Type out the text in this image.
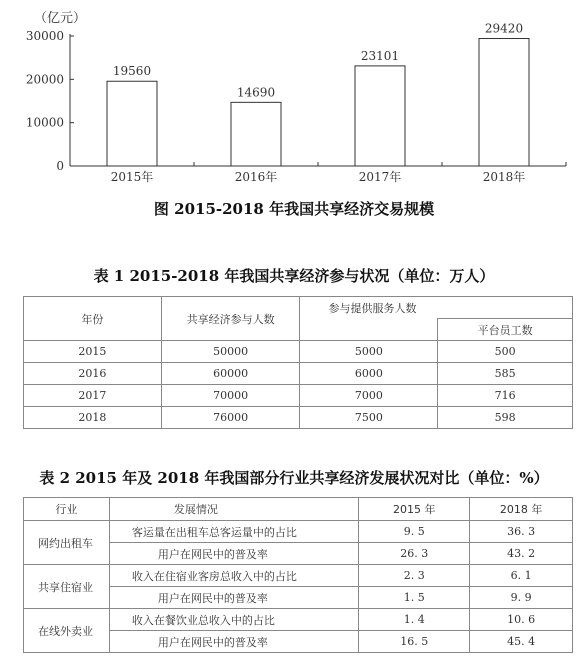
（亿元）
0
10000
20000
30000
19560
14690
23101
29420
2015年	2016年	2017年	2018年
图 2015-2018 年我国共享经济交易规模
表 1 2015-2018 年我国共享经济参与状况（单位：万人）
年份	共享经济参与人数	参与提供服务人数	
			平台员工数
2015	50000	5000	500
2016	60000	6000	585
2017	70000	7000	716
2018	76000	7500	598
表 2 2015 年及 2018 年我国部分行业共享经济发展状况对比（单位：%）
行业	发展情况	2015 年	2018 年
网约出租车	客运量在出租车总客运量中的占比	9. 5	36. 3
	用户在网民中的普及率	26. 3	43. 2
共享住宿业	收入在住宿业客房总收入中的占比	2. 3	6. 1
	用户在网民中的普及率	1. 5	9. 9
在线外卖业	收入在餐饮业总收入中的占比	1. 4	10. 6
	用户在网民中的普及率	16. 5	45. 4
